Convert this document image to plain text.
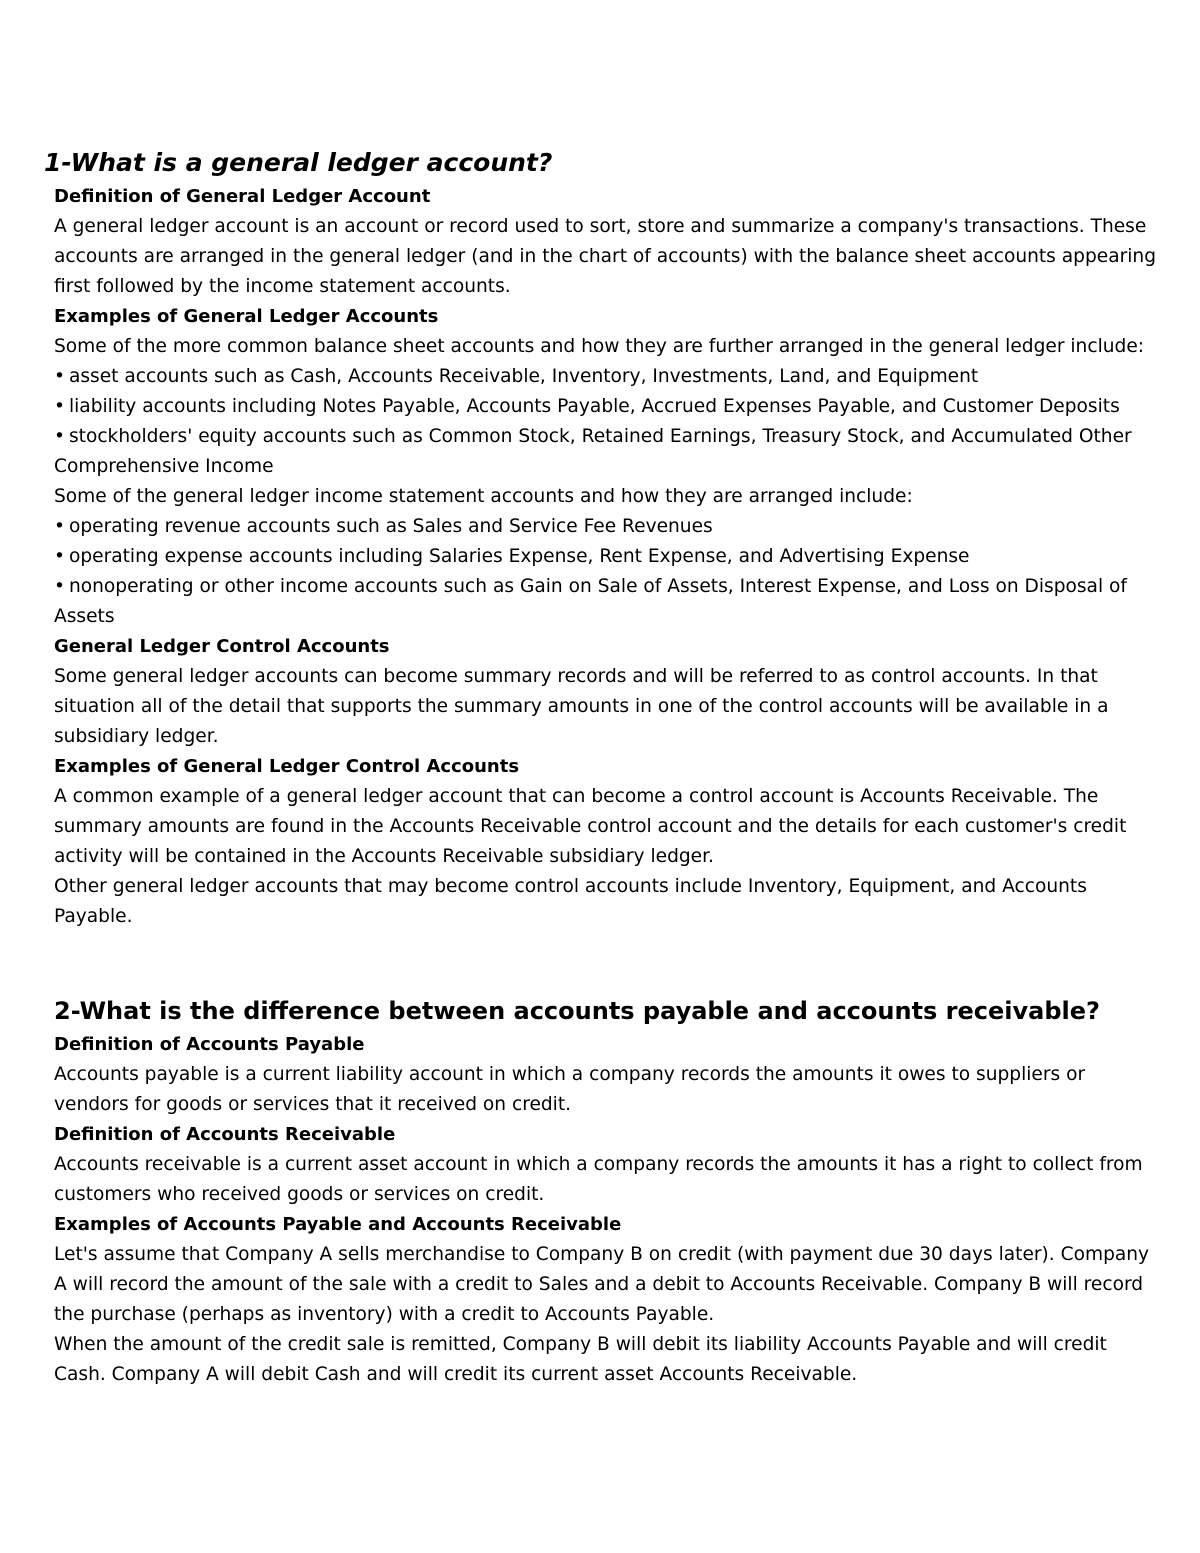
1-What is a general ledger account?

Definition of General Ledger Account

A general ledger account is an account or record used to sort, store and summarize a company's transactions. These accounts are arranged in the general ledger (and in the chart of accounts) with the balance sheet accounts appearing first followed by the income statement accounts.

Examples of General Ledger Accounts

Some of the more common balance sheet accounts and how they are further arranged in the general ledger include:

• asset accounts such as Cash, Accounts Receivable, Inventory, Investments, Land, and Equipment

• liability accounts including Notes Payable, Accounts Payable, Accrued Expenses Payable, and Customer Deposits

• stockholders' equity accounts such as Common Stock, Retained Earnings, Treasury Stock, and Accumulated Other Comprehensive Income

Some of the general ledger income statement accounts and how they are arranged include:

• operating revenue accounts such as Sales and Service Fee Revenues

• operating expense accounts including Salaries Expense, Rent Expense, and Advertising Expense

• nonoperating or other income accounts such as Gain on Sale of Assets, Interest Expense, and Loss on Disposal of Assets

General Ledger Control Accounts

Some general ledger accounts can become summary records and will be referred to as control accounts. In that situation all of the detail that supports the summary amounts in one of the control accounts will be available in a subsidiary ledger.

Examples of General Ledger Control Accounts

A common example of a general ledger account that can become a control account is Accounts Receivable. The summary amounts are found in the Accounts Receivable control account and the details for each customer's credit activity will be contained in the Accounts Receivable subsidiary ledger.

Other general ledger accounts that may become control accounts include Inventory, Equipment, and Accounts Payable.

2-What is the difference between accounts payable and accounts receivable?

Definition of Accounts Payable

Accounts payable is a current liability account in which a company records the amounts it owes to suppliers or vendors for goods or services that it received on credit.

Definition of Accounts Receivable

Accounts receivable is a current asset account in which a company records the amounts it has a right to collect from customers who received goods or services on credit.

Examples of Accounts Payable and Accounts Receivable

Let's assume that Company A sells merchandise to Company B on credit (with payment due 30 days later). Company A will record the amount of the sale with a credit to Sales and a debit to Accounts Receivable. Company B will record the purchase (perhaps as inventory) with a credit to Accounts Payable.

When the amount of the credit sale is remitted, Company B will debit its liability Accounts Payable and will credit Cash. Company A will debit Cash and will credit its current asset Accounts Receivable.
